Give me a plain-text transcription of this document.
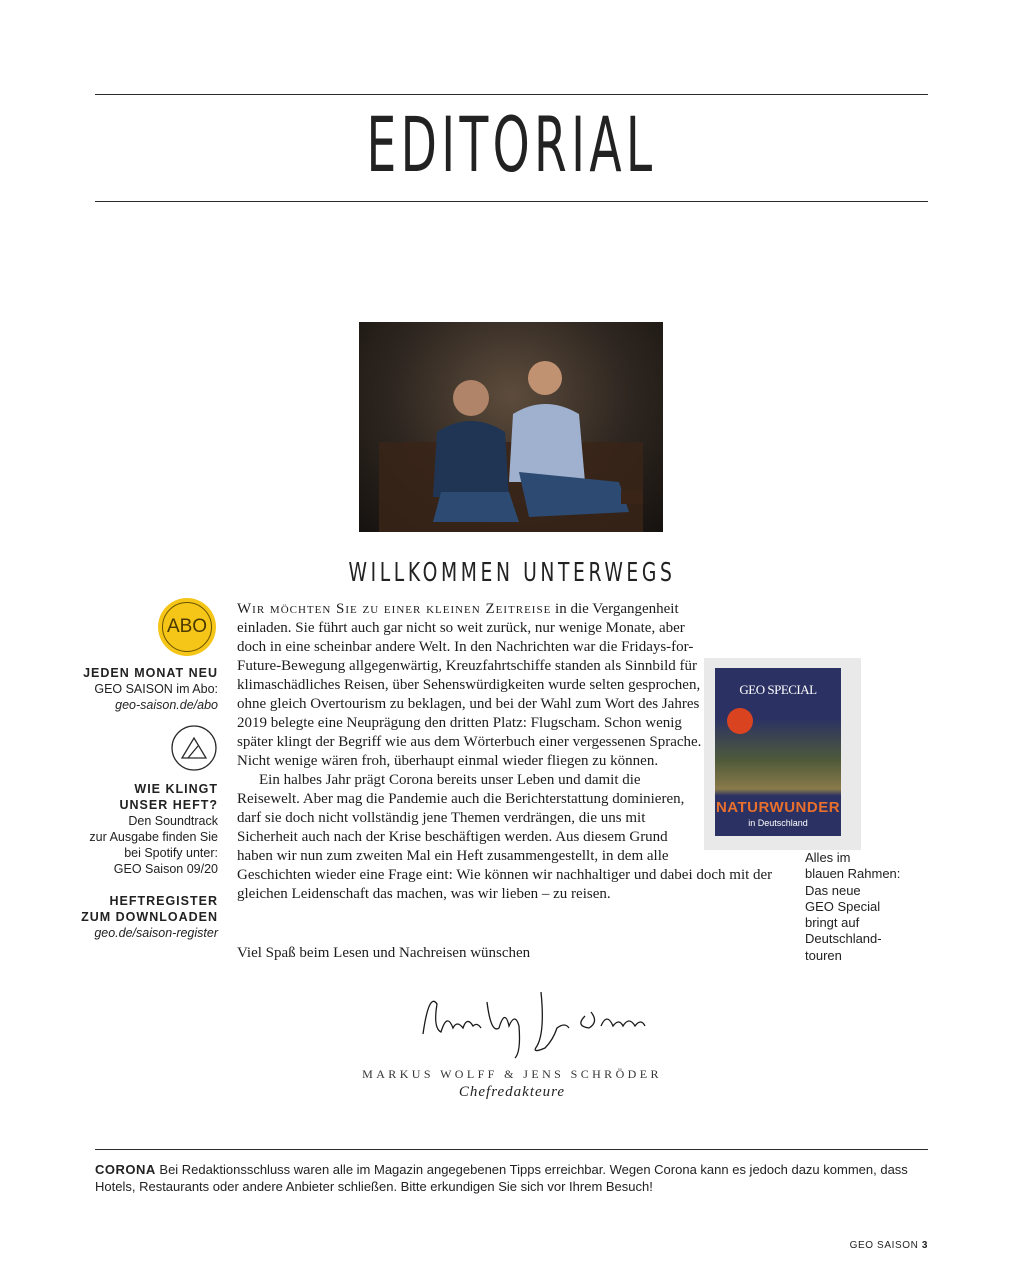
EDITORIAL
WILLKOMMEN UNTERWEGS
ABO
JEDEN MONAT NEU
GEO SAISON im Abo:
geo-saison.de/abo
WIE KLINGT
UNSER HEFT?
Den Soundtrack
zur Ausgabe finden Sie
bei Spotify unter:
GEO Saison 09/20
HEFTREGISTER
ZUM DOWNLOADEN
geo.de/saison-register

Wir möchten Sie zu einer kleinen Zeitreise in die Vergangenheit einladen. Sie führt auch gar nicht so weit zurück, nur wenige Monate, aber doch in eine scheinbar andere Welt. In den Nachrichten war die Fridays-for-Future-Bewegung allgegenwärtig, Kreuzfahrtschiffe standen als Sinnbild für klimaschädliches Reisen, über Sehenswürdigkeiten wurde selten gesprochen, ohne gleich Overtourism zu beklagen, und bei der Wahl zum Wort des Jahres 2019 belegte eine Neuprägung den dritten Platz: Flugscham. Schon wenig später klingt der Begriff wie aus dem Wörterbuch einer vergessenen Sprache. Nicht wenige wären froh, überhaupt einmal wieder fliegen zu können.

Ein halbes Jahr prägt Corona bereits unser Leben und damit die Reisewelt. Aber mag die Pandemie auch die Berichterstattung dominieren, darf sie doch nicht vollständig jene Themen verdrängen, die uns mit Sicherheit auch nach der Krise beschäftigen werden. Aus diesem Grund haben wir nun zum zweiten Mal ein Heft zusammengestellt, in dem alle Geschichten wieder eine Frage eint: Wie können wir nachhaltiger und dabei doch mit der gleichen Leidenschaft das machen, was wir lieben – zu reisen.

Viel Spaß beim Lesen und Nachreisen wünschen
GEO SPECIAL
NATURWUNDER
in Deutschland
Alles im
blauen Rahmen:
Das neue
GEO Special
bringt auf
Deutschland-
touren
MARKUS WOLFF & JENS SCHRÖDER
Chefredakteure
CORONA Bei Redaktionsschluss waren alle im Magazin angegebenen Tipps erreichbar. Wegen Corona kann es jedoch dazu kommen, dass Hotels, Restaurants oder andere Anbieter schließen. Bitte erkundigen Sie sich vor Ihrem Besuch!
GEO SAISON 3
